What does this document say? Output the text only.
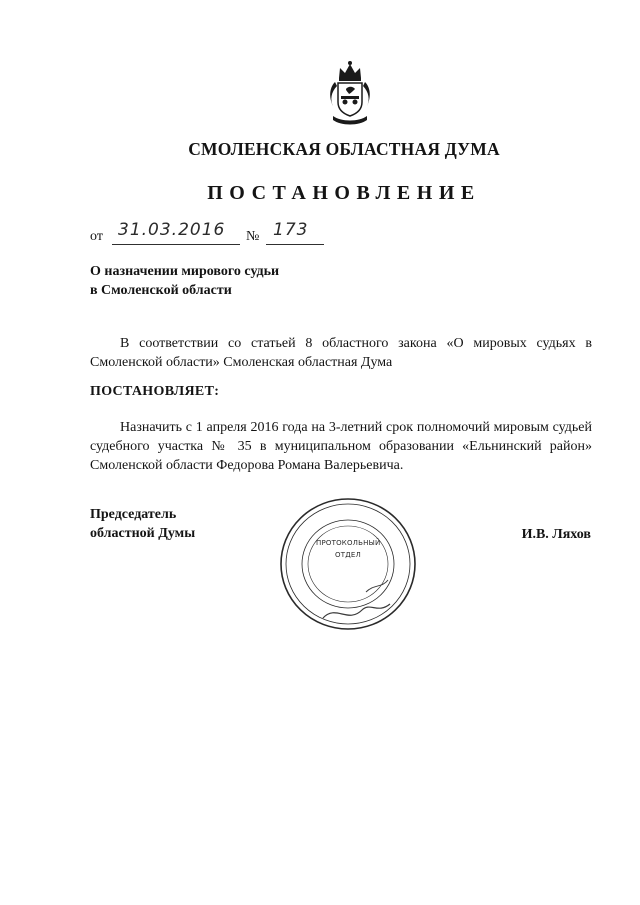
СМОЛЕНСКАЯ ОБЛАСТНАЯ ДУМА
ПОСТАНОВЛЕНИЕ
от 31.03.2016 № 173
О назначении мирового судьи
в Смоленской области
В соответствии со статьей 8 областного закона «О мировых судьях в Смоленской области» Смоленская областная Дума
ПОСТАНОВЛЯЕТ:
Назначить с 1 апреля 2016 года на 3-летний срок полномочий мировым судьей судебного участка № 35 в муниципальном образовании «Ельнинский район» Смоленской области Федорова Романа Валерьевича.
Председатель
областной Думы	И.В. Ляхов
ПРОТОКОЛЬНЫЙ
ОТДЕЛ
